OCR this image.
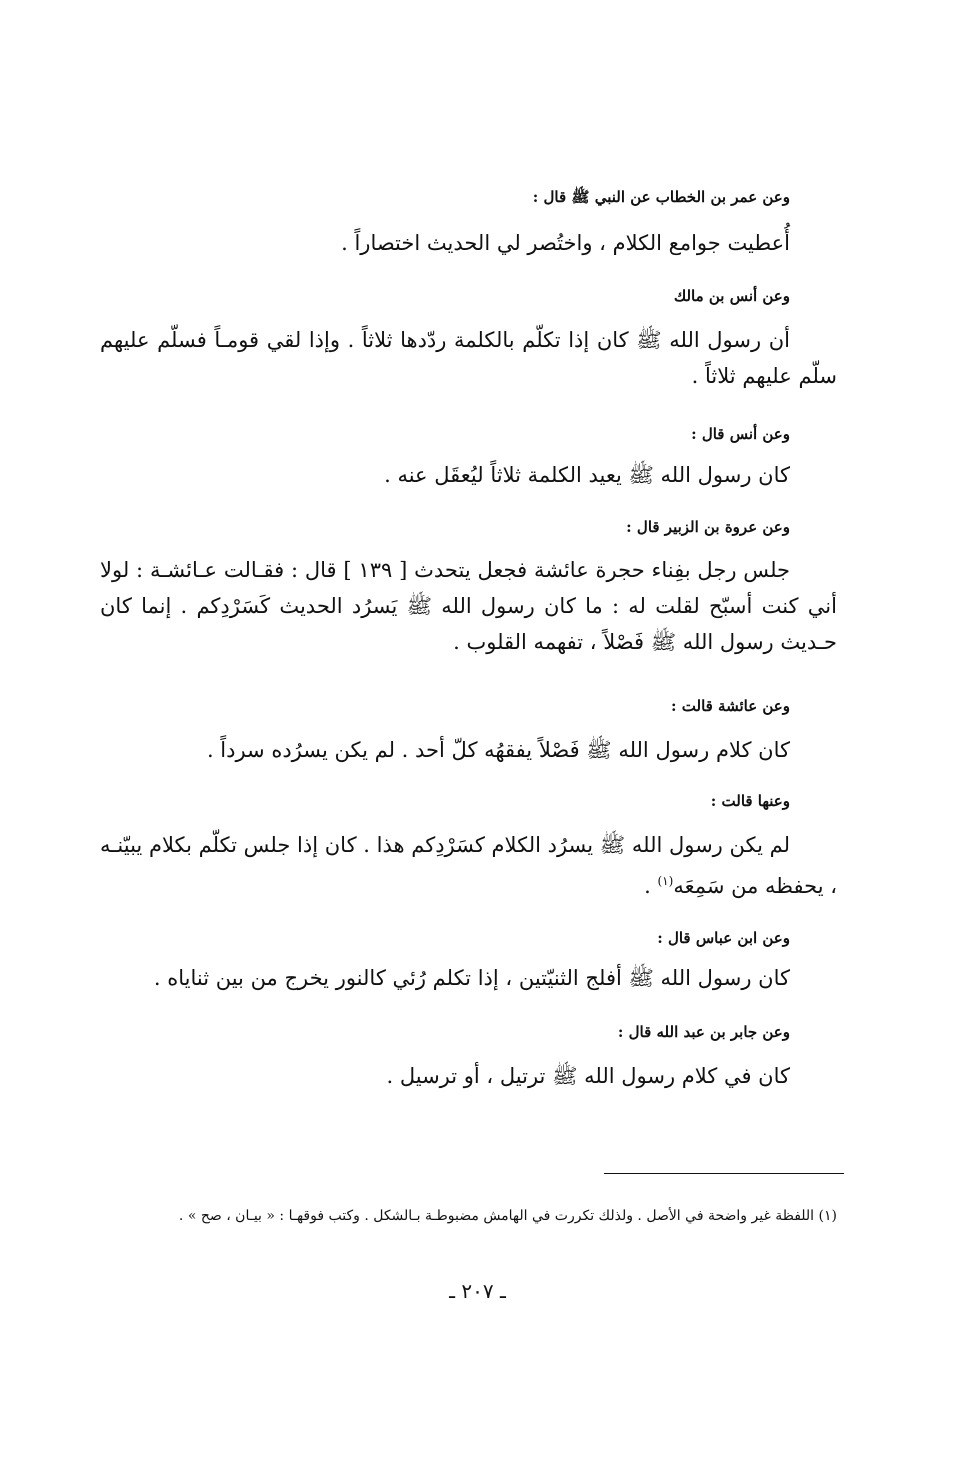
وعن عمر بن الخطاب عن النبي ﷺ قال :
أُعطيت جوامع الكلام ، واختُصر لي الحديث اختصاراً .
وعن أنس بن مالك
أن رسول الله ﷺ كان إذا تكلّم بالكلمة ردّدها ثلاثاً . وإذا لقي قومـاً فسلّم عليهم سلّم عليهم ثلاثاً .
وعن أنس قال :
كان رسول الله ﷺ يعيد الكلمة ثلاثاً ليُعقَل عنه .
وعن عروة بن الزبير قال :
جلس رجل بفِناء حجرة عائشة فجعل يتحدث [ ١٣٩ ] قال : فقـالت عـائشـة : لولا أني كنت أسبّح لقلت له : ما كان رسول الله ﷺ يَسرُد الحديث كَسَرْدِكم . إنما كان حـديث رسول الله ﷺ فَصْلاً ، تفهمه القلوب .
وعن عائشة قالت :
كان كلام رسول الله ﷺ فَصْلاً يفقهُه كلّ أحد . لم يكن يسرُده سرداً .
وعنها قالت :
لم يكن رسول الله ﷺ يسرُد الكلام كسَرْدِكم هذا . كان إذا جلس تكلّم بكلام يبيّنـه ، يحفظه من سَمِعَه$^{(١)}$ .
وعن ابن عباس قال :
كان رسول الله ﷺ أفلج الثنيّتين ، إذا تكلم رُئي كالنور يخرج من بين ثناياه .
وعن جابر بن عبد الله قال :
كان في كلام رسول الله ﷺ ترتيل ، أو ترسيل .
(١) اللفظة غير واضحة في الأصل . ولذلك تكررت في الهامش مضبوطـة بـالشكل . وكتب فوقهـا : « بيـان ، صح » .
ـ ٢٠٧ ـ
